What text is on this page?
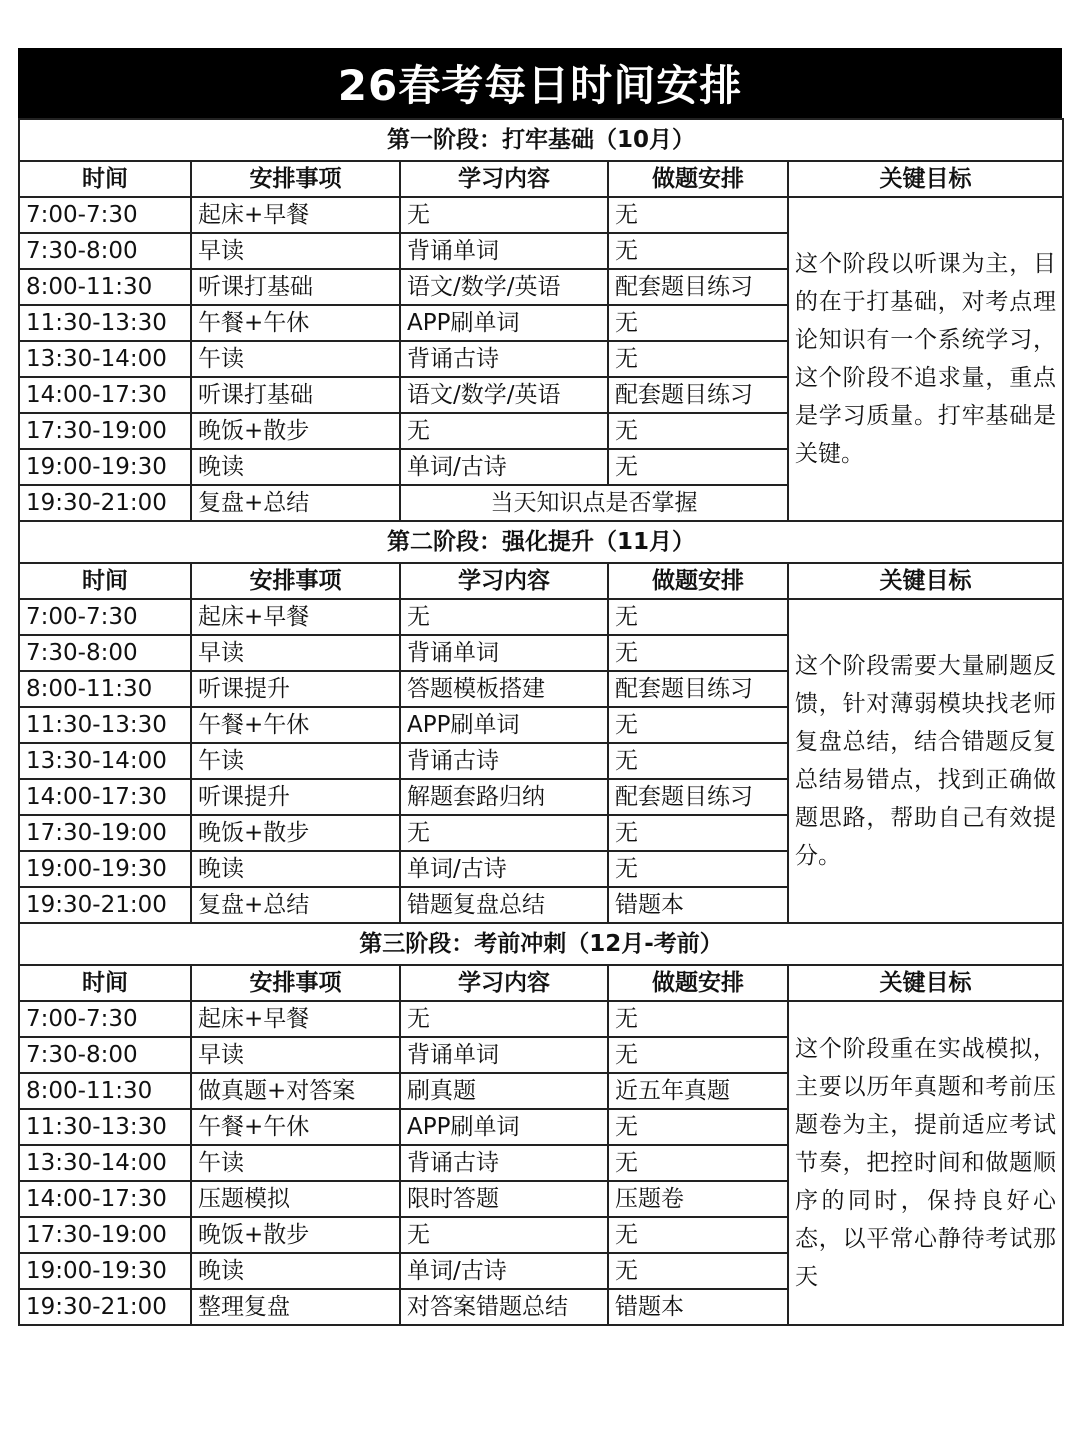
26春考每日时间安排
第一阶段：打牢基础（10月）				
时间	安排事项	学习内容	做题安排	关键目标
7:00-7:30	起床+早餐	无	无	这个阶段以听课为主，目的在于打基础，对考点理论知识有一个系统学习，这个阶段不追求量，重点是学习质量。打牢基础是关键。
7:30-8:00	早读	背诵单词	无	
8:00-11:30	听课打基础	语文/数学/英语	配套题目练习	
11:30-13:30	午餐+午休	APP刷单词	无	
13:30-14:00	午读	背诵古诗	无	
14:00-17:30	听课打基础	语文/数学/英语	配套题目练习	
17:30-19:00	晚饭+散步	无	无	
19:00-19:30	晚读	单词/古诗	无	
19:30-21:00	复盘+总结	当天知识点是否掌握		
第二阶段：强化提升（11月）				
时间	安排事项	学习内容	做题安排	关键目标
7:00-7:30	起床+早餐	无	无	这个阶段需要大量刷题反馈，针对薄弱模块找老师复盘总结，结合错题反复总结易错点，找到正确做题思路，帮助自己有效提分。
7:30-8:00	早读	背诵单词	无	
8:00-11:30	听课提升	答题模板搭建	配套题目练习	
11:30-13:30	午餐+午休	APP刷单词	无	
13:30-14:00	午读	背诵古诗	无	
14:00-17:30	听课提升	解题套路归纳	配套题目练习	
17:30-19:00	晚饭+散步	无	无	
19:00-19:30	晚读	单词/古诗	无	
19:30-21:00	复盘+总结	错题复盘总结	错题本	
第三阶段：考前冲刺（12月-考前）				
时间	安排事项	学习内容	做题安排	关键目标
7:00-7:30	起床+早餐	无	无	这个阶段重在实战模拟，主要以历年真题和考前压题卷为主，提前适应考试节奏，把控时间和做题顺序的同时，保持良好心态，以平常心静待考试那天
7:30-8:00	早读	背诵单词	无	
8:00-11:30	做真题+对答案	刷真题	近五年真题	
11:30-13:30	午餐+午休	APP刷单词	无	
13:30-14:00	午读	背诵古诗	无	
14:00-17:30	压题模拟	限时答题	压题卷	
17:30-19:00	晚饭+散步	无	无	
19:00-19:30	晚读	单词/古诗	无	
19:30-21:00	整理复盘	对答案错题总结	错题本	
